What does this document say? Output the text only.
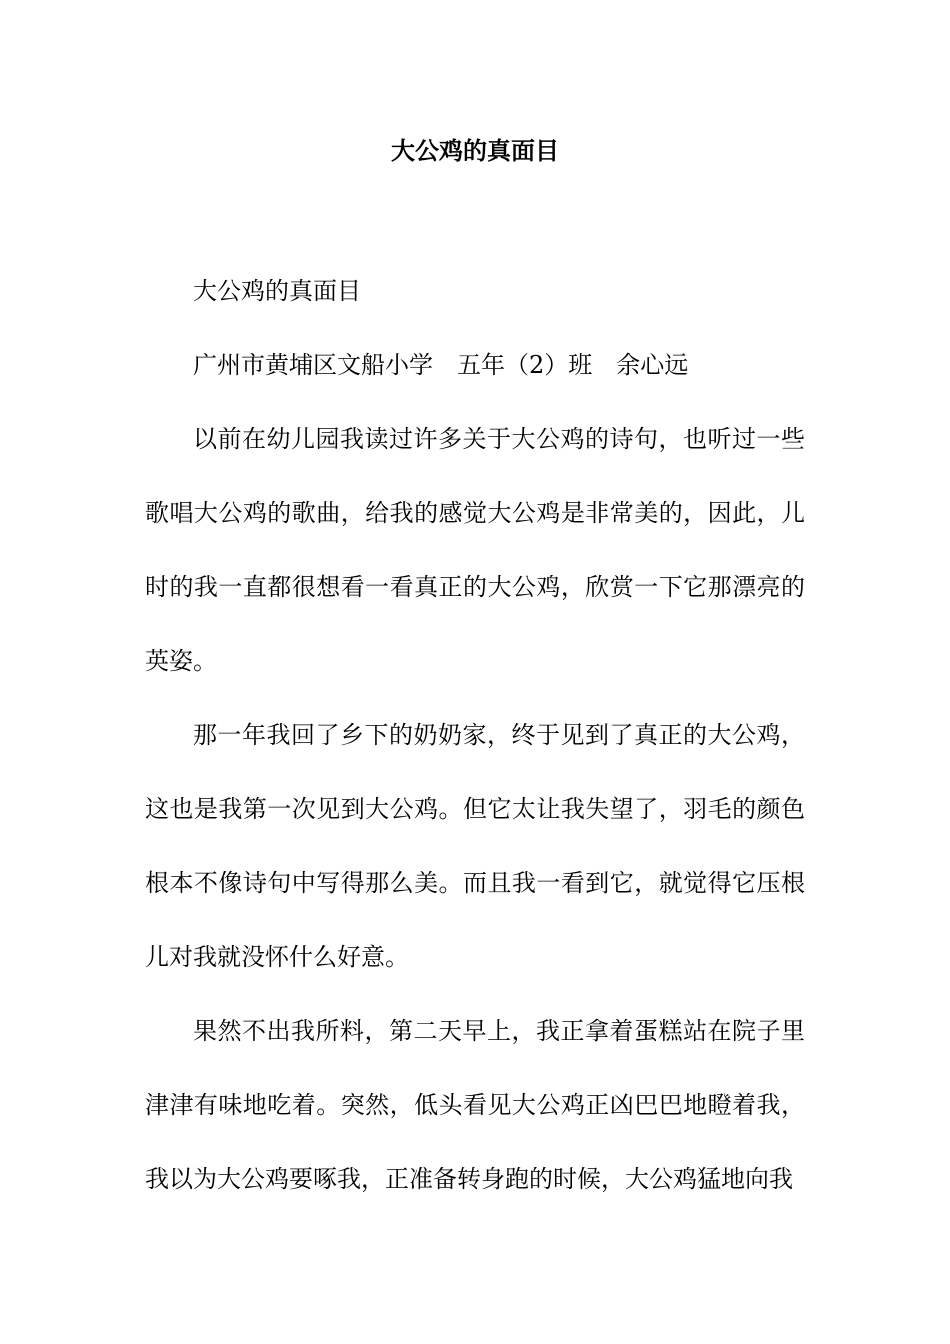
大公鸡的真面目

大公鸡的真面目

广州市黄埔区文船小学　五年（2）班　余心远

以前在幼儿园我读过许多关于大公鸡的诗句，也听过一些歌唱大公鸡的歌曲，给我的感觉大公鸡是非常美的，因此，儿时的我一直都很想看一看真正的大公鸡，欣赏一下它那漂亮的英姿。

那一年我回了乡下的奶奶家，终于见到了真正的大公鸡，这也是我第一次见到大公鸡。但它太让我失望了，羽毛的颜色根本不像诗句中写得那么美。而且我一看到它，就觉得它压根儿对我就没怀什么好意。

果然不出我所料，第二天早上，我正拿着蛋糕站在院子里津津有味地吃着。突然，低头看见大公鸡正凶巴巴地瞪着我，我以为大公鸡要啄我，正准备转身跑的时候，大公鸡猛地向我
